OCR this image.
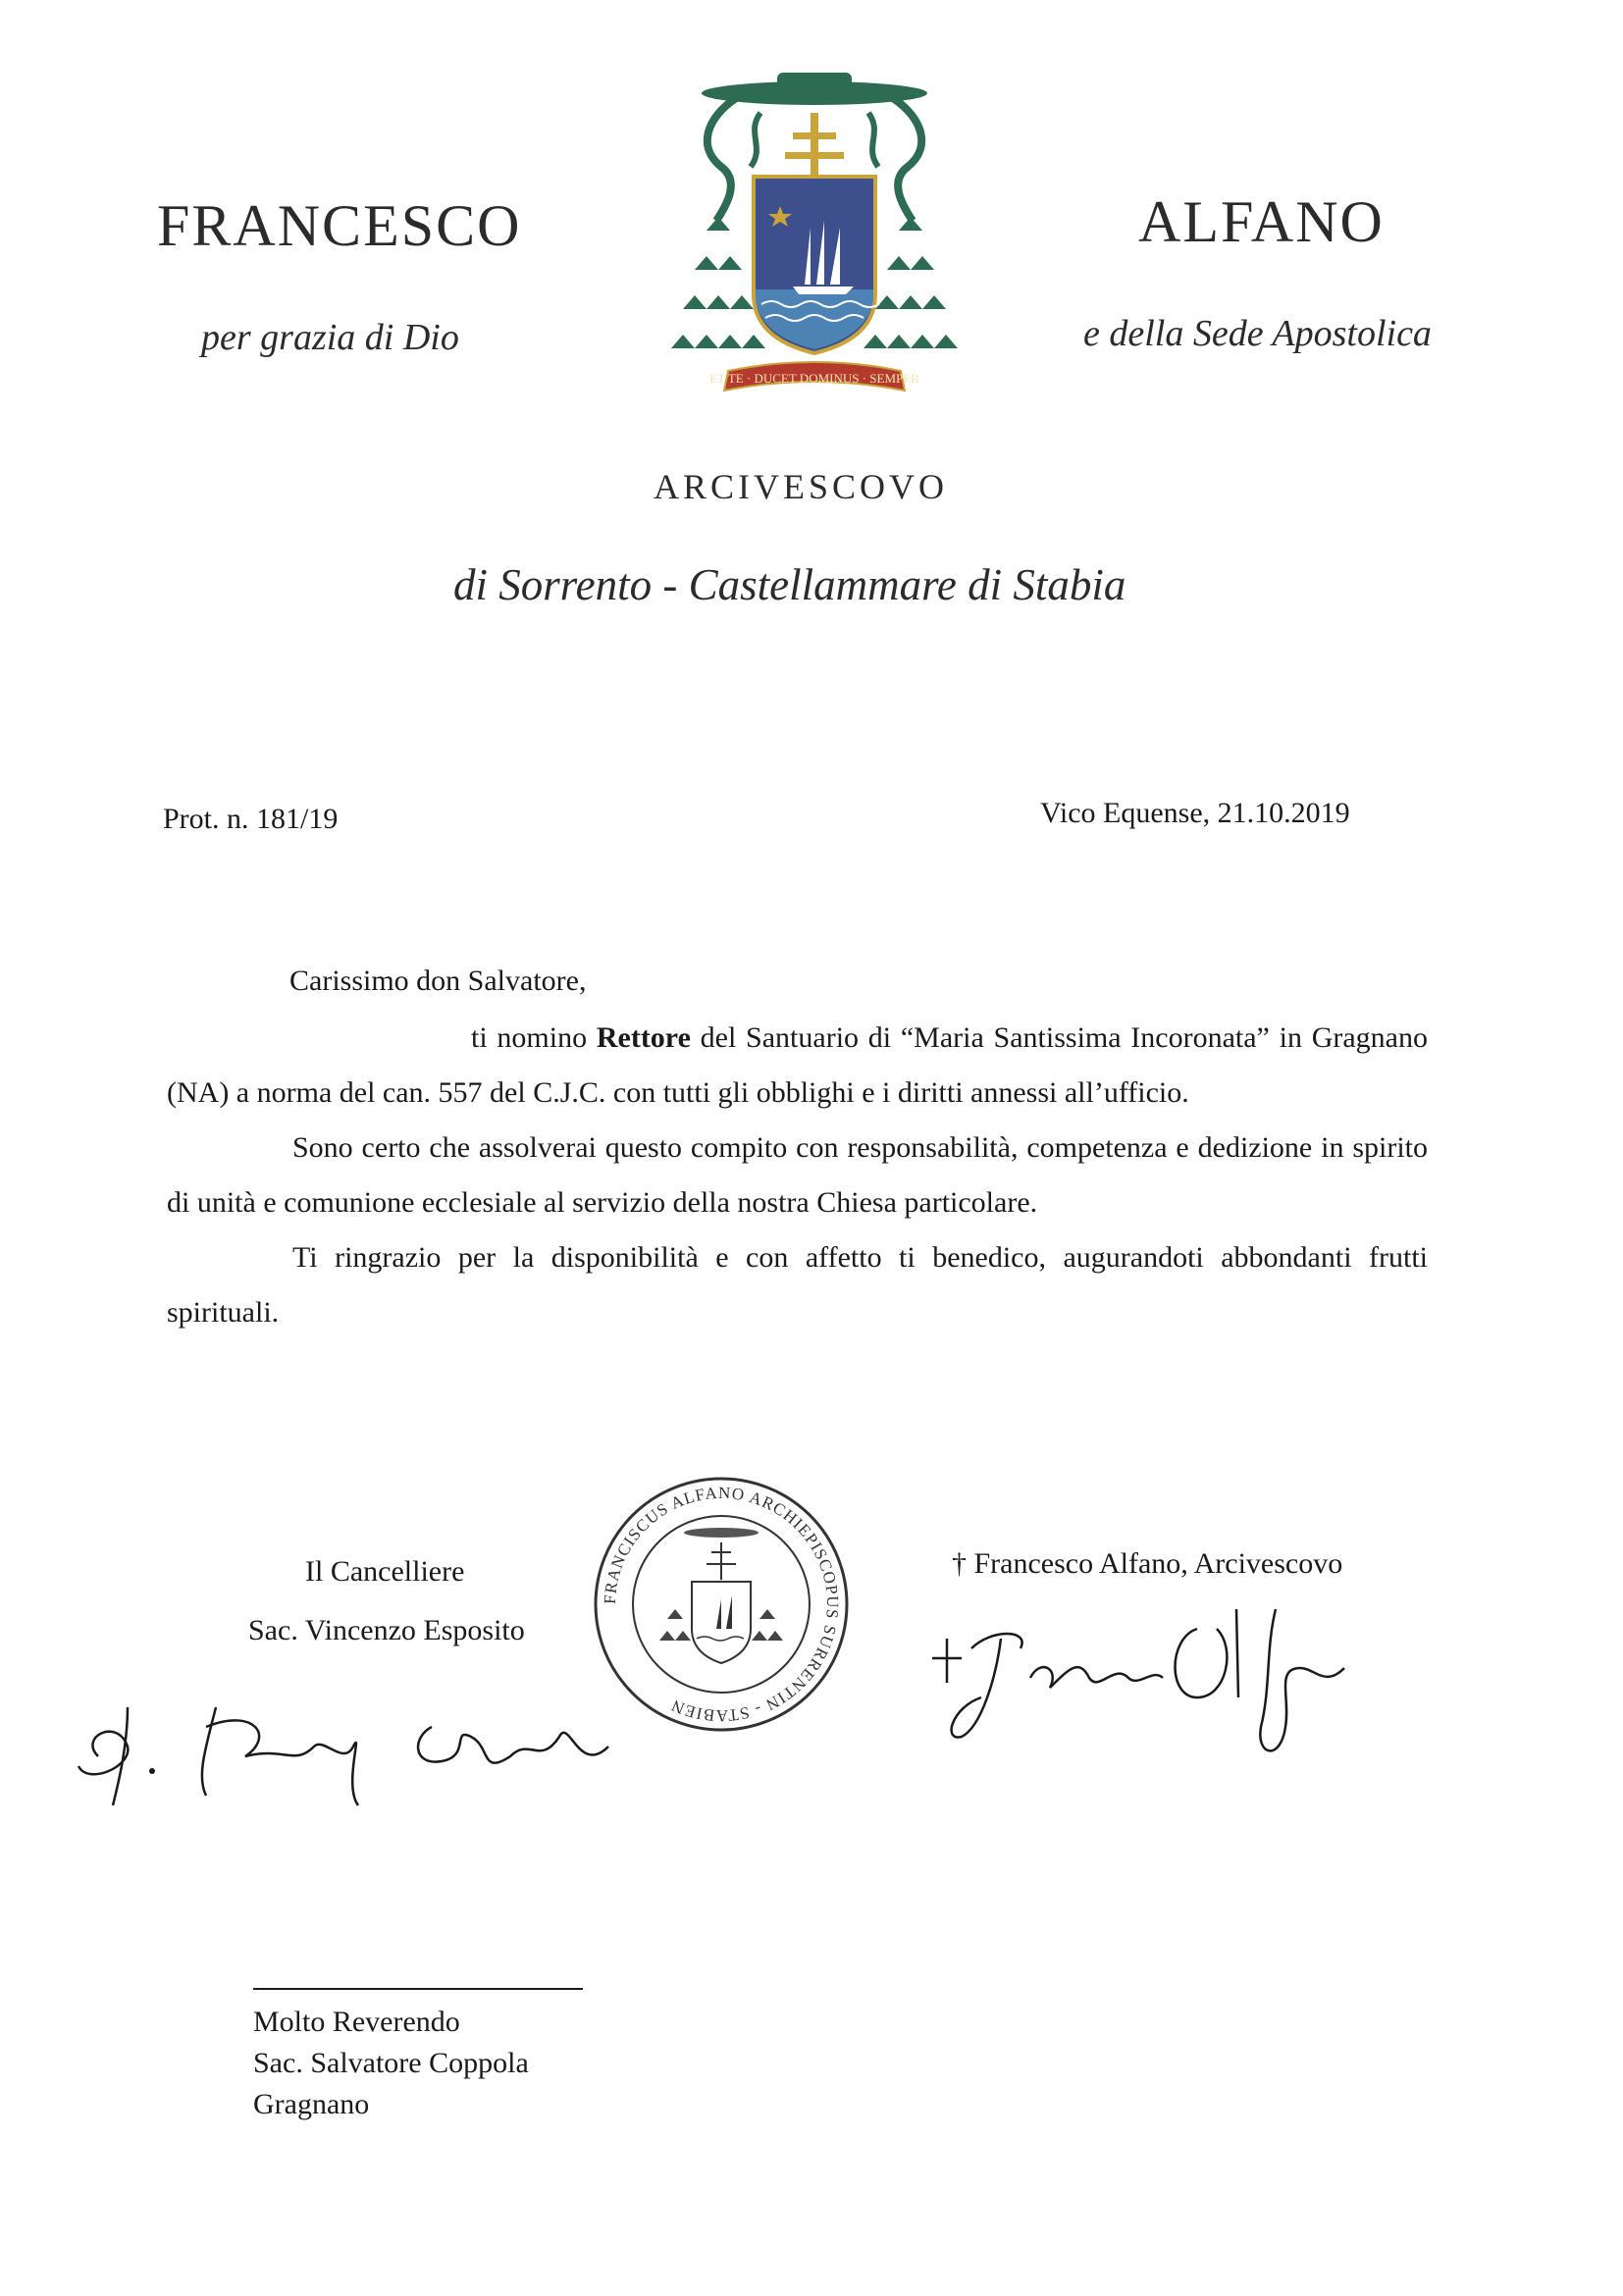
FRANCESCO	ALFANO
per grazia di Dio	e della Sede Apostolica
ET TE · DUCET DOMINUS · SEMPER
ARCIVESCOVO
di Sorrento - Castellammare di Stabia
Prot. n. 181/19	Vico Equense, 21.10.2019
Carissimo don Salvatore,

ti nomino Rettore del Santuario di “Maria Santissima Incoronata” in Gragnano (NA) a norma del can. 557 del C.J.C. con tutti gli obblighi e i diritti annessi all’ufficio.

Sono certo che assolverai questo compito con responsabilità, competenza e dedizione in spirito di unità e comunione ecclesiale al servizio della nostra Chiesa particolare.

Ti ringrazio per la disponibilità e con affetto ti benedico, augurandoti abbondanti frutti spirituali.

Il Cancelliere
Sac. Vincenzo Esposito
† Francesco Alfano, Arcivescovo
FRANCISCUS ALFANO ARCHIEPISCOPUS SURRENTIN - STABIEN
Molto Reverendo
Sac. Salvatore Coppola
Gragnano
